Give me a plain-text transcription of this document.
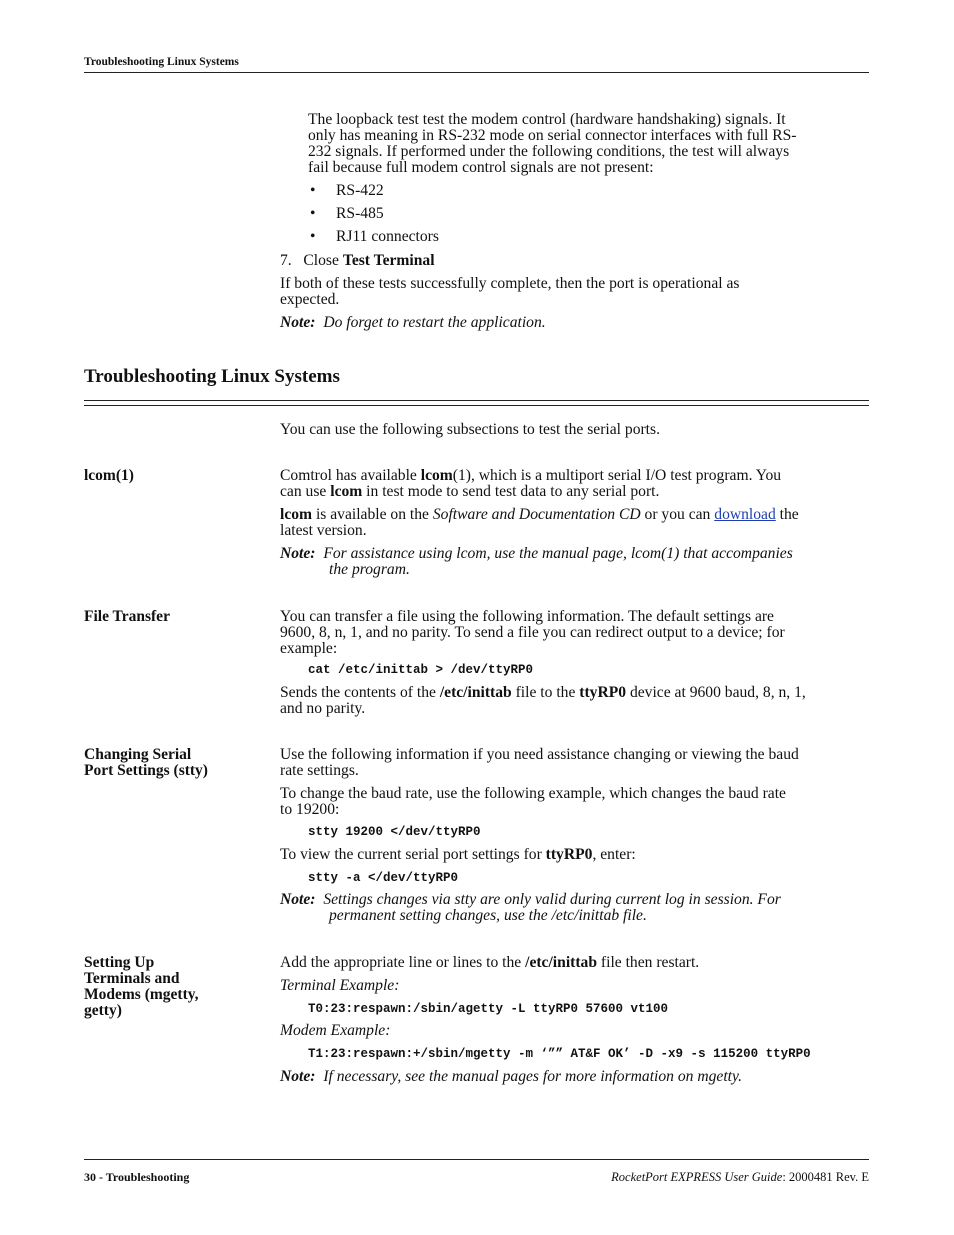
Troubleshooting Linux Systems
The loopback test test the modem control (hardware handshaking) signals. It
only has meaning in RS-232 mode on serial connector interfaces with full RS-
232 signals. If performed under the following conditions, the test will always
fail because full modem control signals are not present:
• RS-422
• RS-485
• RJ11 connectors
7. Close Test Terminal
If both of these tests successfully complete, then the port is operational as
expected.
Note: Do forget to restart the application.
Troubleshooting Linux Systems
You can use the following subsections to test the serial ports.
lcom(1)	Comtrol has available lcom(1), which is a multiport serial I/O test program. You
can use lcom in test mode to send test data to any serial port.
lcom is available on the Software and Documentation CD or you can download the
latest version.
Note: For assistance using lcom, use the manual page, lcom(1) that accompanies
the program.
File Transfer	You can transfer a file using the following information. The default settings are
9600, 8, n, 1, and no parity. To send a file you can redirect output to a device; for
example:
cat /etc/inittab > /dev/ttyRP0
Sends the contents of the /etc/inittab file to the ttyRP0 device at 9600 baud, 8, n, 1,
and no parity.
Changing Serial
Port Settings (stty)
Use the following information if you need assistance changing or viewing the baud
rate settings.
To change the baud rate, use the following example, which changes the baud rate
to 19200:
stty 19200 </dev/ttyRP0
To view the current serial port settings for ttyRP0, enter:
stty -a </dev/ttyRP0
Note: Settings changes via stty are only valid during current log in session. For
permanent setting changes, use the /etc/inittab file.
Setting Up
Terminals and
Modems (mgetty,
getty)
Add the appropriate line or lines to the /etc/inittab file then restart.
Terminal Example:
T0:23:respawn:/sbin/agetty -L ttyRP0 57600 vt100
Modem Example:
T1:23:respawn:+/sbin/mgetty -m ‘”” AT&F OK’ -D -x9 -s 115200 ttyRP0
Note: If necessary, see the manual pages for more information on mgetty.
30 - Troubleshooting	RocketPort EXPRESS User Guide: 2000481 Rev. E
